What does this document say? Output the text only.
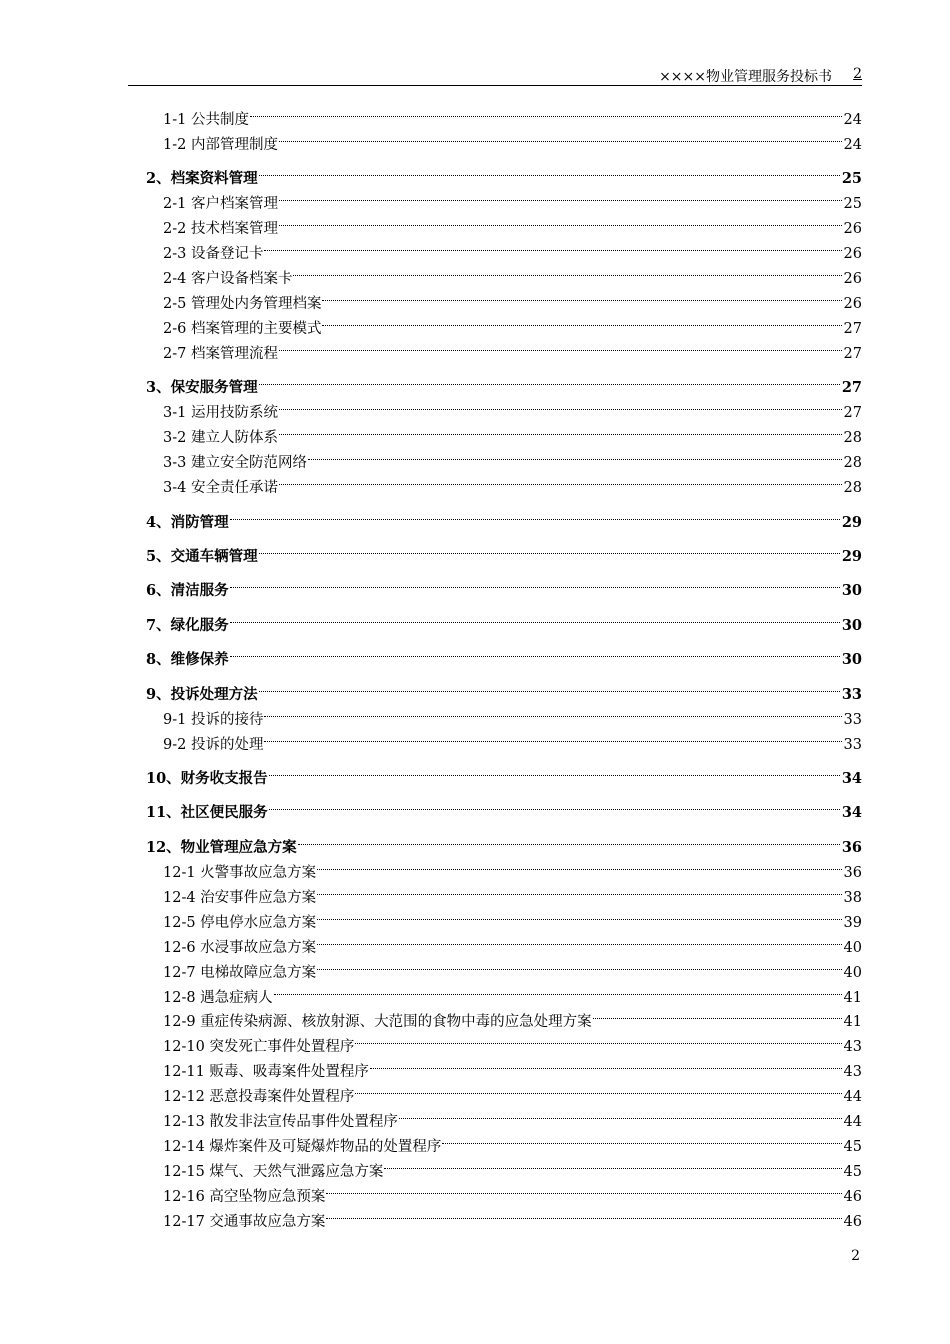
××××物业管理服务投标书 2
1-1 公共制度	24
1-2 内部管理制度	24
2、档案资料管理	25
2-1 客户档案管理	25
2-2 技术档案管理	26
2-3 设备登记卡	26
2-4 客户设备档案卡	26
2-5 管理处内务管理档案	26
2-6 档案管理的主要模式	27
2-7 档案管理流程	27
3、保安服务管理	27
3-1 运用技防系统	27
3-2 建立人防体系	28
3-3 建立安全防范网络	28
3-4 安全责任承诺	28
4、消防管理	29
5、交通车辆管理	29
6、清洁服务	30
7、绿化服务	30
8、维修保养	30
9、投诉处理方法	33
9-1 投诉的接待	33
9-2 投诉的处理	33
10、财务收支报告	34
11、社区便民服务	34
12、物业管理应急方案	36
12-1 火警事故应急方案	36
12-4 治安事件应急方案	38
12-5 停电停水应急方案	39
12-6 水浸事故应急方案	40
12-7 电梯故障应急方案	40
12-8 遇急症病人	41
12-9 重症传染病源、核放射源、大范围的食物中毒的应急处理方案	41
12-10 突发死亡事件处置程序	43
12-11 贩毒、吸毒案件处置程序	43
12-12 恶意投毒案件处置程序	44
12-13 散发非法宣传品事件处置程序	44
12-14 爆炸案件及可疑爆炸物品的处置程序	45
12-15 煤气、天然气泄露应急方案	45
12-16 高空坠物应急预案	46
12-17 交通事故应急方案	46
2
